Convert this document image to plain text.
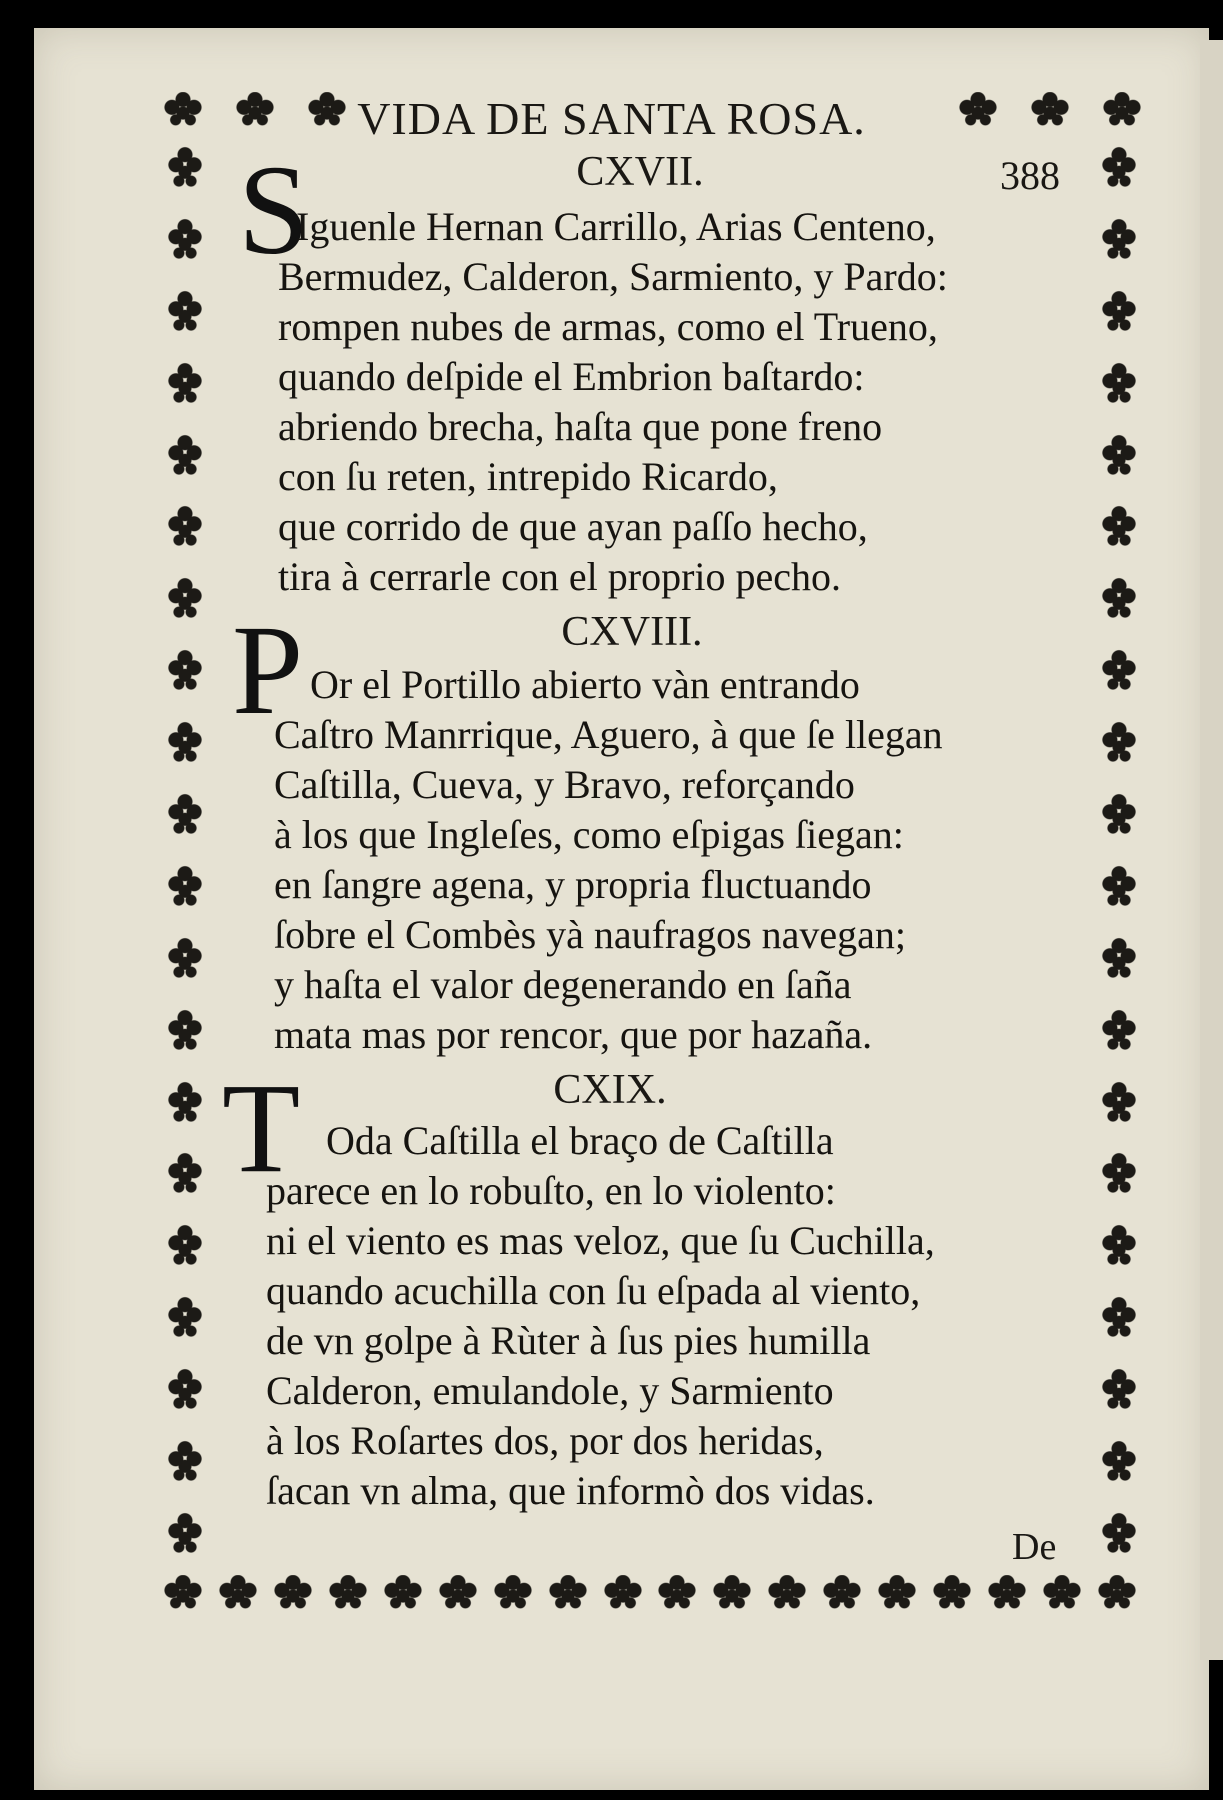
VIDA DE SANTA ROSA.
388
CXVII.
S
Iguenle Hernan Carrillo, Arias Centeno,
Bermudez, Calderon, Sarmiento, y Pardo:
rompen nubes de armas, como el Trueno,
quando deſpide el Embrion baſtardo:
abriendo brecha, haſta que pone freno
con ſu reten, intrepido Ricardo,
que corrido de que ayan paſſo hecho,
tira à cerrarle con el proprio pecho.
CXVIII.
P Or el Portillo abierto vàn entrando
Caſtro Manrrique, Aguero, à que ſe llegan
Caſtilla, Cueva, y Bravo, reforçando
à los que Ingleſes, como eſpigas ſiegan:
en ſangre agena, y propria fluctuando
ſobre el Combès yà naufragos navegan;
y haſta el valor degenerando en ſaña
mata mas por rencor, que por hazaña.
CXIX.
T Oda Caſtilla el braço de Caſtilla
parece en lo robuſto, en lo violento:
ni el viento es mas veloz, que ſu Cuchilla,
quando acuchilla con ſu eſpada al viento,
de vn golpe à Rùter à ſus pies humilla
Calderon, emulandole, y Sarmiento
à los Roſartes dos, por dos heridas,
ſacan vn alma, que informò dos vidas.
De
